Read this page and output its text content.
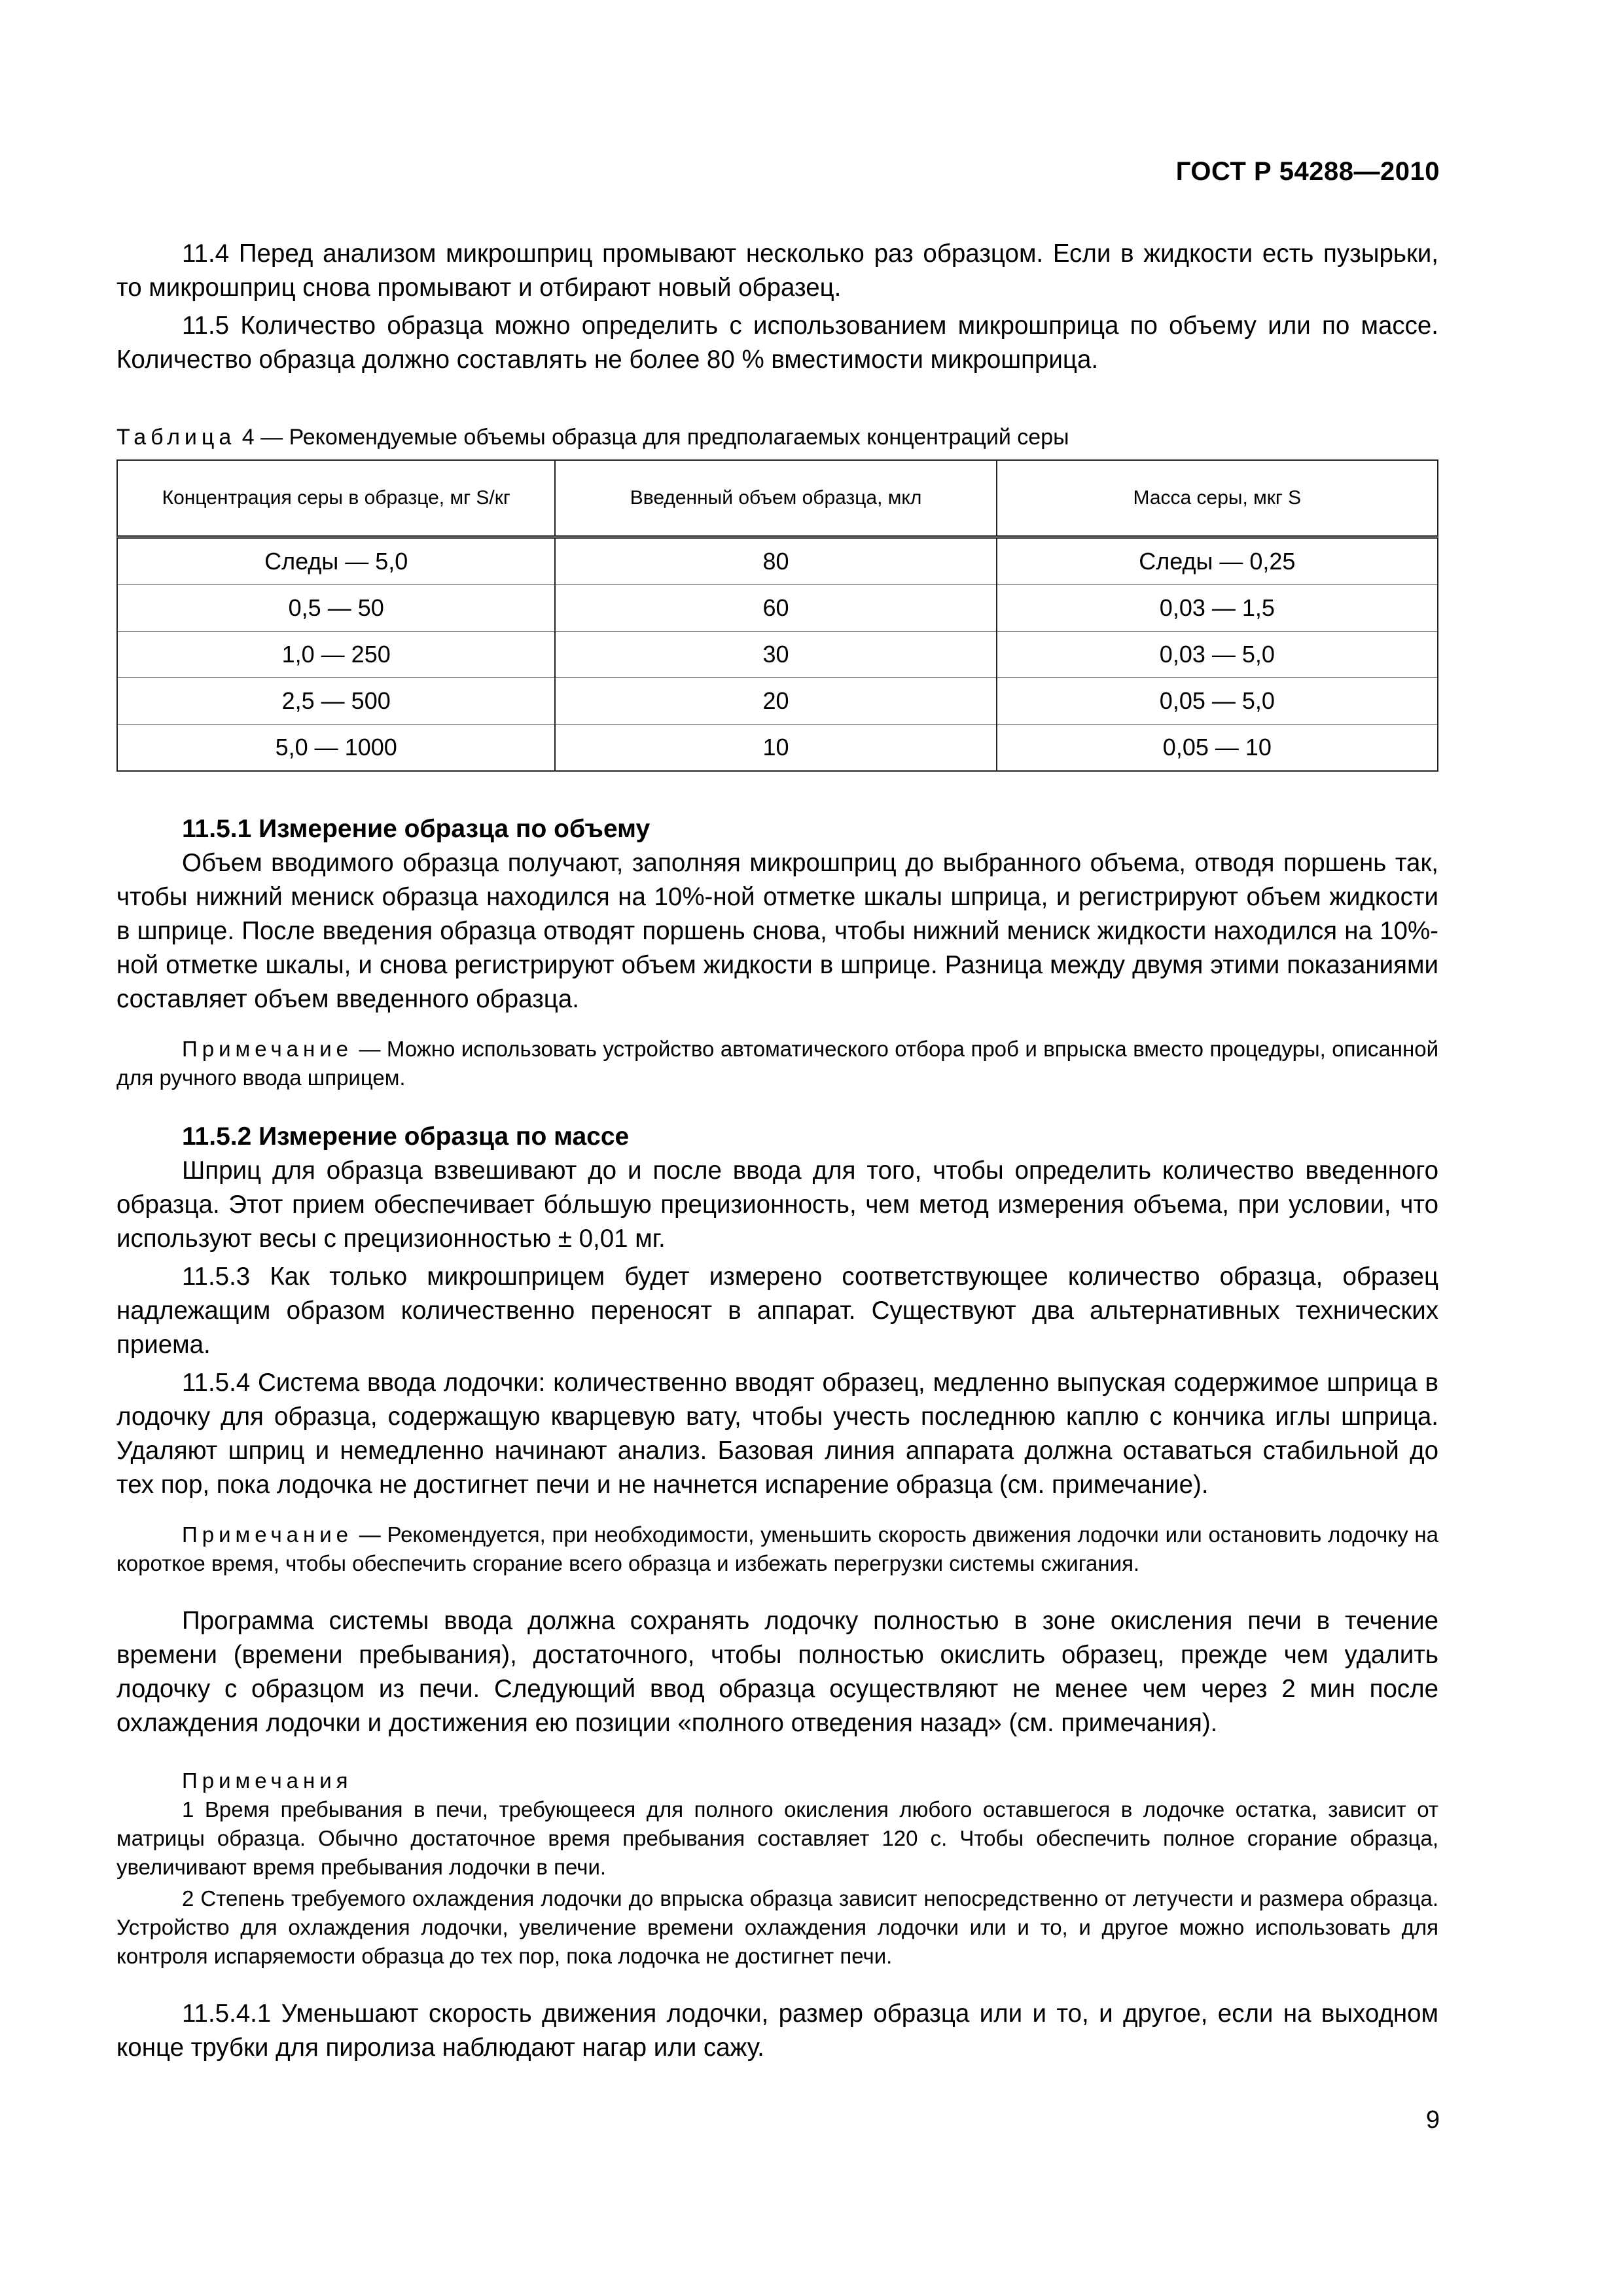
ГОСТ Р 54288—2010

11.4 Перед анализом микрошприц промывают несколько раз образцом. Если в жидкости есть пузырьки, то микрошприц снова промывают и отбирают новый образец.

11.5 Количество образца можно определить с использованием микрошприца по объему или по массе. Количество образца должно составлять не более 80 % вместимости микрошприца.

Таблица 4 — Рекомендуемые объемы образца для предполагаемых концентраций серы

Концентрация серы в образце, мг S/кг	Введенный объем образца, мкл	Масса серы, мкг S
Следы — 5,0	80	Следы — 0,25
0,5 — 50	60	0,03 — 1,5
1,0 — 250	30	0,03 — 5,0
2,5 — 500	20	0,05 — 5,0
5,0 — 1000	10	0,05 — 10
11.5.1 Измерение образца по объему

Объем вводимого образца получают, заполняя микрошприц до выбранного объема, отводя поршень так, чтобы нижний мениск образца находился на 10%-ной отметке шкалы шприца, и регистрируют объем жидкости в шприце. После введения образца отводят поршень снова, чтобы нижний мениск жидкости находился на 10%-ной отметке шкалы, и снова регистрируют объем жидкости в шприце. Разница между двумя этими показаниями составляет объем введенного образца.

Примечание — Можно использовать устройство автоматического отбора проб и впрыска вместо процедуры, описанной для ручного ввода шприцем.

11.5.2 Измерение образца по массе

Шприц для образца взвешивают до и после ввода для того, чтобы определить количество введенного образца. Этот прием обеспечивает бо́льшую прецизионность, чем метод измерения объема, при условии, что используют весы с прецизионностью ± 0,01 мг.

11.5.3 Как только микрошприцем будет измерено соответствующее количество образца, образец надлежащим образом количественно переносят в аппарат. Существуют два альтернативных технических приема.

11.5.4 Система ввода лодочки: количественно вводят образец, медленно выпуская содержимое шприца в лодочку для образца, содержащую кварцевую вату, чтобы учесть последнюю каплю с кончика иглы шприца. Удаляют шприц и немедленно начинают анализ. Базовая линия аппарата должна оставаться стабильной до тех пор, пока лодочка не достигнет печи и не начнется испарение образца (см. примечание).

Примечание — Рекомендуется, при необходимости, уменьшить скорость движения лодочки или остановить лодочку на короткое время, чтобы обеспечить сгорание всего образца и избежать перегрузки системы сжигания.

Программа системы ввода должна сохранять лодочку полностью в зоне окисления печи в течение времени (времени пребывания), достаточного, чтобы полностью окислить образец, прежде чем удалить лодочку с образцом из печи. Следующий ввод образца осуществляют не менее чем через 2 мин после охлаждения лодочки и достижения ею позиции «полного отведения назад» (см. примечания).

Примечания

1 Время пребывания в печи, требующееся для полного окисления любого оставшегося в лодочке остатка, зависит от матрицы образца. Обычно достаточное время пребывания составляет 120 с. Чтобы обеспечить полное сгорание образца, увеличивают время пребывания лодочки в печи.

2 Степень требуемого охлаждения лодочки до впрыска образца зависит непосредственно от летучести и размера образца. Устройство для охлаждения лодочки, увеличение времени охлаждения лодочки или и то, и другое можно использовать для контроля испаряемости образца до тех пор, пока лодочка не достигнет печи.

11.5.4.1 Уменьшают скорость движения лодочки, размер образца или и то, и другое, если на выходном конце трубки для пиролиза наблюдают нагар или сажу.

9
